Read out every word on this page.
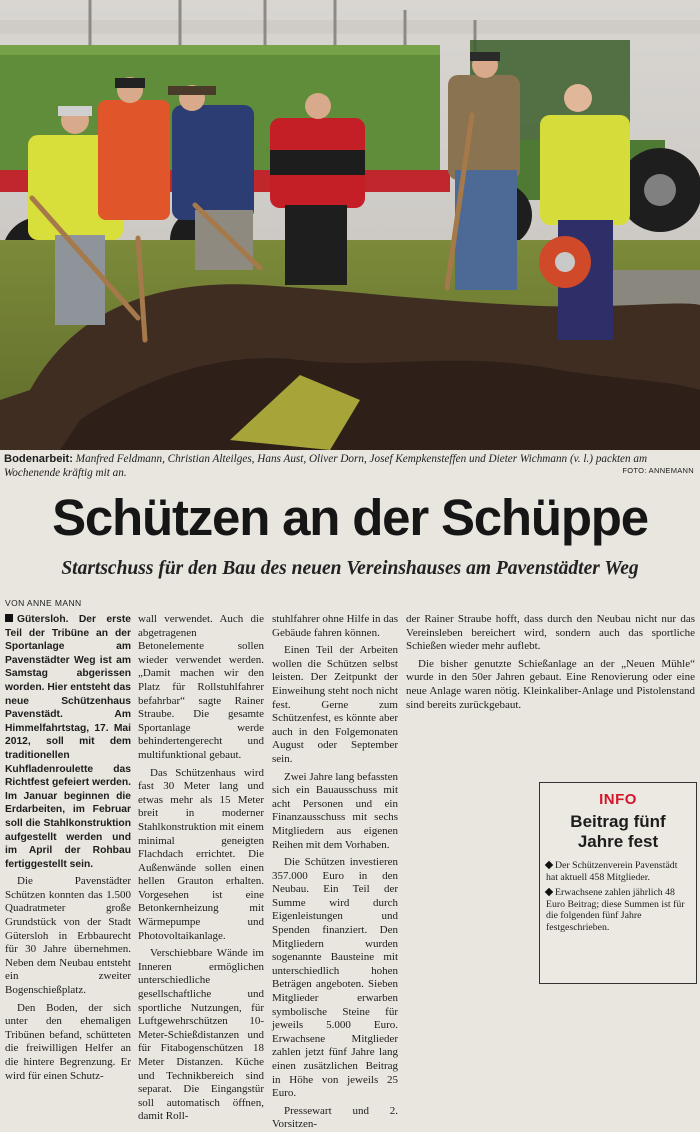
Bodenarbeit: Manfred Feldmann, Christian Alteilges, Hans Aust, Oliver Dorn, Josef Kempkensteffen und Dieter Wichmann (v. l.) packten am Wochenende kräftig mit an.	FOTO: ANNEMANN
Schützen an der Schüppe
Startschuss für den Bau des neuen Vereinshauses am Pavenstädter Weg
VON ANNE MANN

Gütersloh. Der erste Teil der Tribüne an der Sportanlage am Pavenstädter Weg ist am Samstag abgerissen worden. Hier entsteht das neue Schützenhaus Pavenstädt. Am Himmelfahrtstag, 17. Mai 2012, soll mit dem traditionellen Kuhfladenroulette das Richtfest gefeiert werden. Im Januar beginnen die Erdarbeiten, im Februar soll die Stahlkonstruktion aufgestellt werden und im April der Rohbau fertiggestellt sein.

Die Pavenstädter Schützen konnten das 1.500 Quadratmeter große Grundstück von der Stadt Gütersloh in Erbbaurecht für 30 Jahre übernehmen. Neben dem Neubau entsteht ein zweiter Bogenschießplatz.

Den Boden, der sich unter den ehemaligen Tribünen befand, schütteten die freiwilligen Helfer an die hintere Begrenzung. Er wird für einen Schutz-

wall verwendet. Auch die abgetragenen Betonelemente sollen wieder verwendet werden. „Damit machen wir den Platz für Rollstuhlfahrer befahrbar“ sagte Rainer Straube. Die gesamte Sportanlage werde behindertengerecht und multifunktional gebaut.

Das Schützenhaus wird fast 30 Meter lang und etwas mehr als 15 Meter breit in moderner Stahlkonstruktion mit einem minimal geneigten Flachdach errichtet. Die Außenwände sollen einen hellen Grauton erhalten. Vorgesehen ist eine Betonkernheizung mit Wärmepumpe und Photovoltaikanlage.

Verschiebbare Wände im Inneren ermöglichen unterschiedliche gesellschaftliche und sportliche Nutzungen, für Luftgewehrschützen 10-Meter-Schießdistanzen und für Fitabogenschützen 18 Meter Distanzen. Küche und Technikbereich sind separat. Die Eingangstür soll automatisch öffnen, damit Roll-

stuhlfahrer ohne Hilfe in das Gebäude fahren können.

Einen Teil der Arbeiten wollen die Schützen selbst leisten. Der Zeitpunkt der Einweihung steht noch nicht fest. Gerne zum Schützenfest, es könnte aber auch in den Folgemonaten August oder September sein.

Zwei Jahre lang befassten sich ein Bauausschuss mit acht Personen und ein Finanzausschuss mit sechs Mitgliedern aus eigenen Reihen mit dem Vorhaben.

Die Schützen investieren 357.000 Euro in den Neubau. Ein Teil der Summe wird durch Eigenleistungen und Spenden finanziert. Den Mitgliedern wurden sogenannte Bausteine mit unterschiedlich hohen Beträgen angeboten. Sieben Mitglieder erwarben symbolische Steine für jeweils 5.000 Euro. Erwachsene Mitglieder zahlen jetzt fünf Jahre lang einen zusätzlichen Beitrag in Höhe von jeweils 25 Euro.

Pressewart und 2. Vorsitzen-

der Rainer Straube hofft, dass durch den Neubau nicht nur das Vereinsleben bereichert wird, sondern auch das sportliche Schießen wieder mehr auflebt.

Die bisher genutzte Schießanlage an der „Neuen Mühle“ wurde in den 50er Jahren gebaut. Eine Renovierung oder eine neue Anlage waren nötig. Kleinkaliber-Anlage und Pistolenstand sind bereits zurückgebaut.

INFO
Beitrag fünf Jahre fest
Der Schützenverein Pavenstädt hat aktuell 458 Mitglieder.
Erwachsene zahlen jährlich 48 Euro Beitrag; diese Summen ist für die folgenden fünf Jahre festgeschrieben.
